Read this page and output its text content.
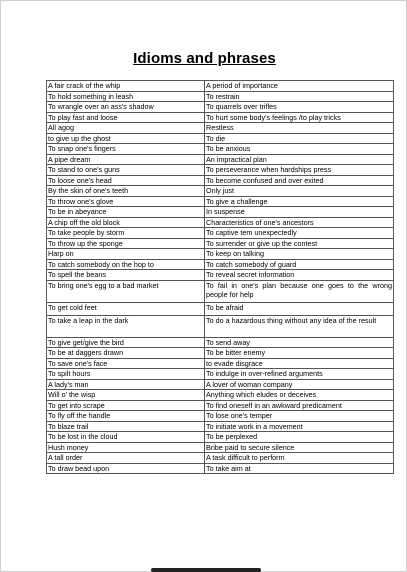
Idioms and phrases
A fair crack of the whip	A period of importance
To hold something in leash	To restrain
To wrangle over an ass's shadow	To quarrels over trifles
To play fast and loose	To hurt some body's feelings /to play tricks
All agog	Restless
to give up the ghost	To die
To snap one's fingers	To be anxious
A pipe dream	An impractical plan
To stand to one's guns	To perseverance when hardships press
To loose one's head	To become confused and over exited
By the skin of one's teeth	Only just
To throw one's glove	To give a challenge
To be in abeyance	In suspense
A chip off the old block	Characteristics of one's ancestors
To take people by storm	To captive tem unexpectedly
To throw up the sponge	To surrender or give up the contest
Harp on	To keep on talking
To catch somebody on the hop to	To catch somebody of guard
To spell the beans	To reveal secret information
To bring one's egg to a bad market	To fail in one's plan because one goes to the wrong people for help
To get cold feet	To be afraid
To take a leap in the dark	To do a hazardous thing without any idea of the result
To give get/give the bird	To send away
To be at daggers drawn	To be bitter enemy
To save one's face	to evade disgrace
To spilt hours	To indulge in over-refined arguments
A lady's man	A lover of woman company
Will o' the wisp	Anything which eludes or deceives
To get into scrape	To find oneself in an awkward predicament
To fly off the handle	To lose one's temper
To blaze trail	To initiate work in a movement
To be lost in the cloud	To be perplexed
Hush money	Bribe paid to secure silence
A tall order	A task difficult to perform
To draw bead upon	To take aim at
